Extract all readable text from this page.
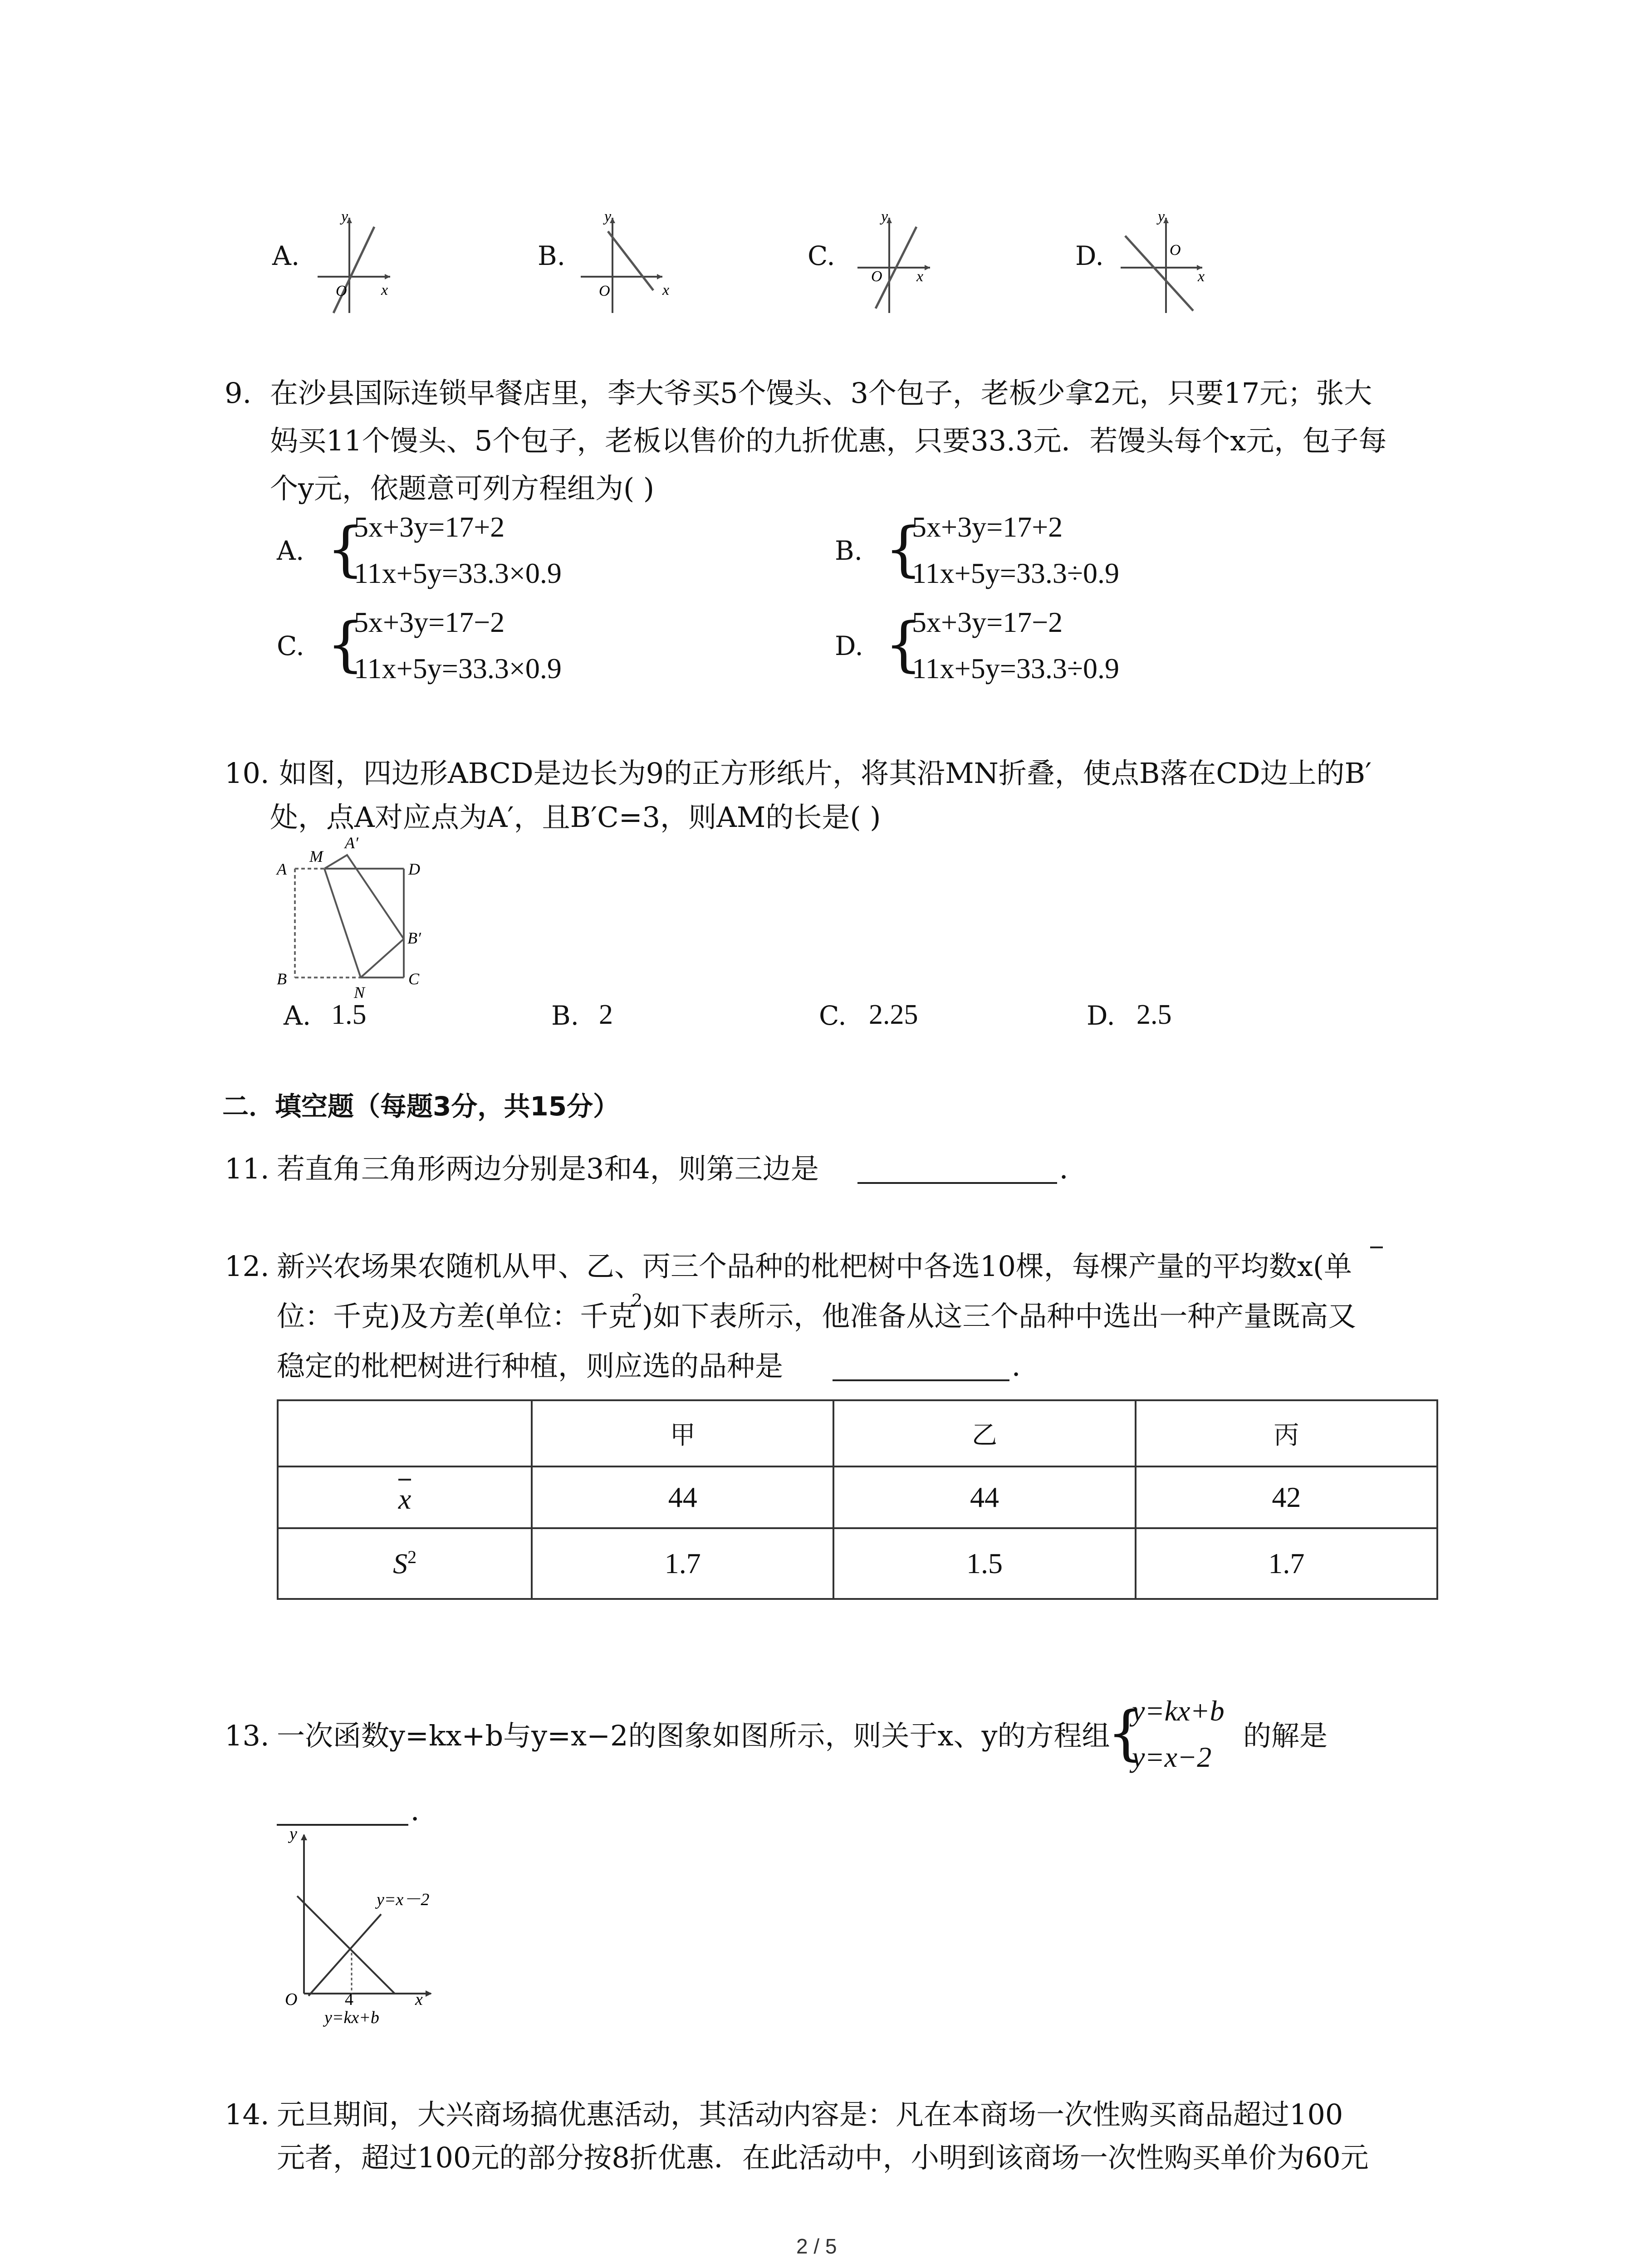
A.
y
x
O
B.
y
x
O
C.
y
x
O
D.
y
x
O
9. 在沙县国际连锁早餐店里，李大爷买5个馒头、3个包子，老板少拿2元，只要17元；张大
妈买11个馒头、5个包子，老板以售价的九折优惠，只要33.3元．若馒头每个x元，包子每
个y元，依题意可列方程组为( )
A. {
5x+3y=17+2
11x+5y=33.3×0.9
B. {
5x+3y=17+2
11x+5y=33.3÷0.9
C. {
5x+3y=17−2
11x+5y=33.3×0.9
D. {
5x+3y=17−2
11x+5y=33.3÷0.9
10. 如图，四边形ABCD是边长为9的正方形纸片，将其沿MN折叠，使点B落在CD边上的B′
处，点A对应点为A′，且B′C=3，则AM的长是( )
M
A′
A	D
B′
B
N
C
A. 1.5	B. 2	C. 2.25	D. 2.5
二．填空题（每题3分，共15分）
11. 若直角三角形两边分别是3和4，则第三边是	．
12. 新兴农场果农随机从甲、乙、丙三个品种的枇杷树中各选10棵，每棵产量的平均数x(单
位：千克)及方差(单位：千克
2
)如下表所示，他准备从这三个品种中选出一种产量既高又
稳定的枇杷树进行种植，则应选的品种是	．
	甲	乙	丙
x	44	44	42
$S^2$	1.7	1.5	1.7
13. 一次函数y=kx+b与y=x−2的图象如图所示，则关于x、y的方程组
{
y=kx+b
y=x−2
的解是
．
y
y=x－2
O	4	x
y=kx+b
14. 元旦期间，大兴商场搞优惠活动，其活动内容是：凡在本商场一次性购买商品超过100
元者，超过100元的部分按8折优惠．在此活动中，小明到该商场一次性购买单价为60元
2 / 5
